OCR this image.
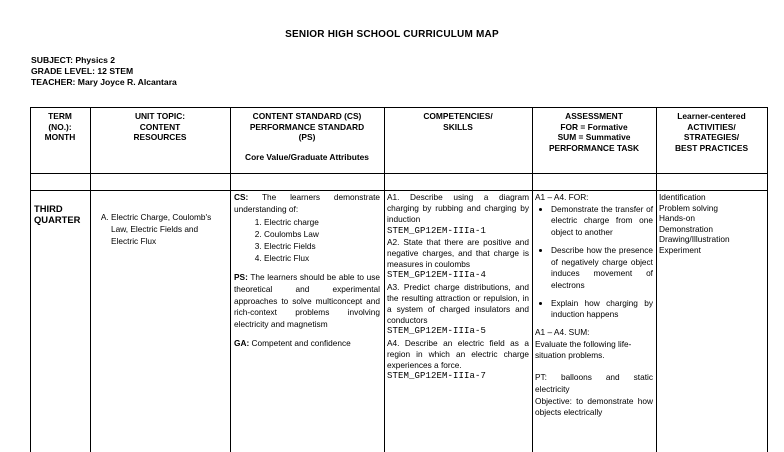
SENIOR HIGH SCHOOL CURRICULUM MAP
SUBJECT: Physics 2
GRADE LEVEL: 12 STEM
TEACHER: Mary Joyce R. Alcantara
TERM
(NO.):
MONTH
UNIT TOPIC:
CONTENT
RESOURCES
CONTENT STANDARD (CS)
PERFORMANCE STANDARD
(PS)
Core Value/Graduate Attributes
COMPETENCIES/
SKILLS
ASSESSMENT
FOR = Formative
SUM = Summative
PERFORMANCE TASK
Learner-centered
ACTIVITIES/
STRATEGIES/
BEST PRACTICES
THIRD
QUARTER
A.	Electric Charge, Coulomb's Law, Electric Fields and Electric Flux

CS: The learners demonstrate understanding of:

1. Electric charge
2. Coulombs Law
3. Electric Fields
4. Electric Flux

PS: The learners should be able to use theoretical and experimental approaches to solve multiconcept and rich-context problems involving electricity and magnetism

GA: Competent and confidence

A1. Describe using a diagram charging by rubbing and charging by induction

STEM_GP12EM-IIIa-1

A2. State that there are positive and negative charges, and that charge is measures in coulombs

STEM_GP12EM-IIIa-4

A3. Predict charge distributions, and the resulting attraction or repulsion, in a system of charged insulators and conductors

STEM_GP12EM-IIIa-5

A4. Describe an electric field as a region in which an electric charge experiences a force.

STEM_GP12EM-IIIa-7

A1 – A4. FOR:

• Demonstrate the transfer of electric charge from one object to another
• Describe how the presence of negatively charge object induces movement of electrons
• Explain how charging by induction happens

A1 – A4. SUM:

Evaluate the following life-situation problems.

PT: balloons and static electricity

Objective: to demonstrate how objects electrically

Identification
Problem solving
Hands-on
Demonstration
Drawing/Illustration
Experiment
